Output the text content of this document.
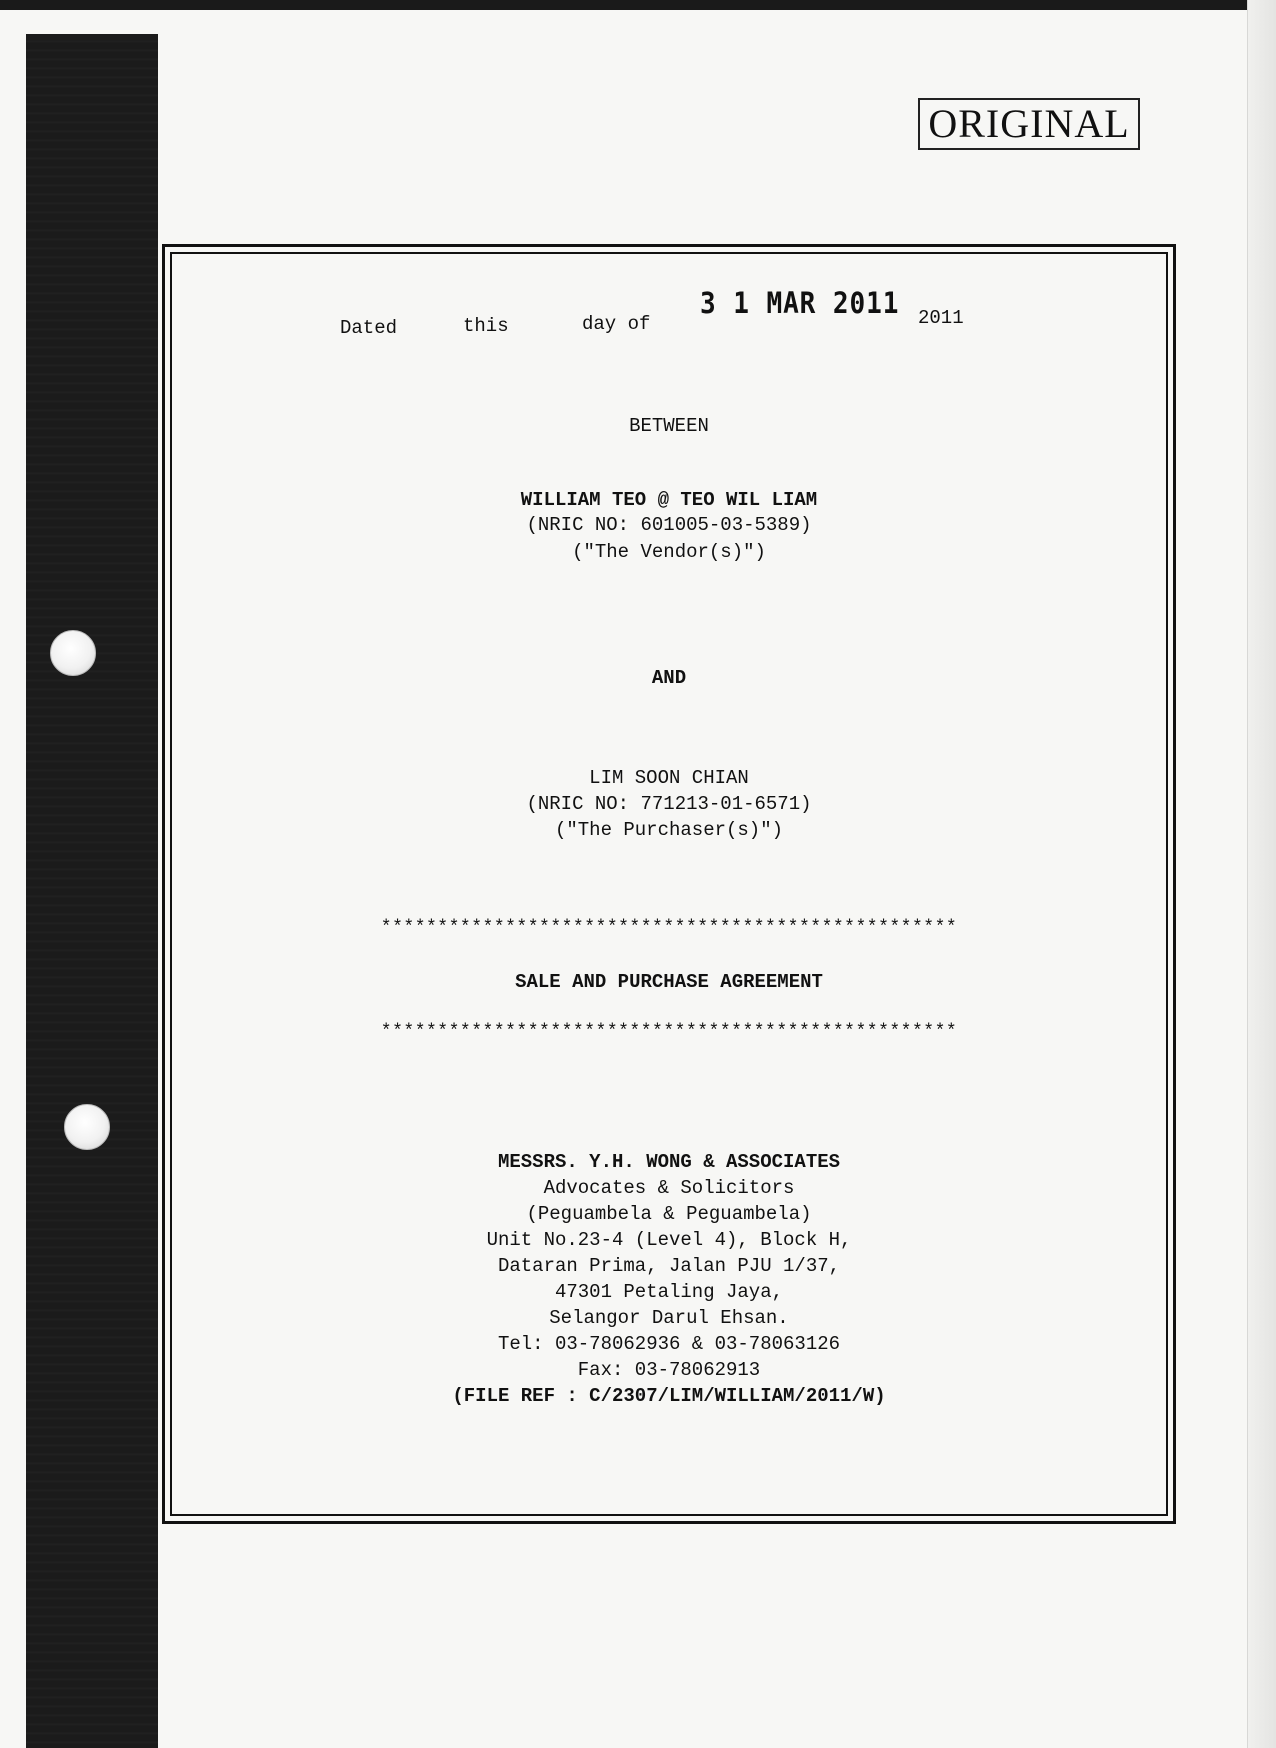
ORIGINAL
Dated	this	day of
3 1 MAR 2011 2011
BETWEEN
WILLIAM TEO @ TEO WIL LIAM
(NRIC NO: 601005-03-5389)
("The Vendor(s)")
AND
LIM SOON CHIAN
(NRIC NO: 771213-01-6571)
("The Purchaser(s)")
***************************************************
SALE AND PURCHASE AGREEMENT
***************************************************
MESSRS. Y.H. WONG & ASSOCIATES
Advocates & Solicitors
(Peguambela & Peguambela)
Unit No.23-4 (Level 4), Block H,
Dataran Prima, Jalan PJU 1/37,
47301 Petaling Jaya,
Selangor Darul Ehsan.
Tel: 03-78062936 & 03-78063126
Fax: 03-78062913
(FILE REF : C/2307/LIM/WILLIAM/2011/W)
